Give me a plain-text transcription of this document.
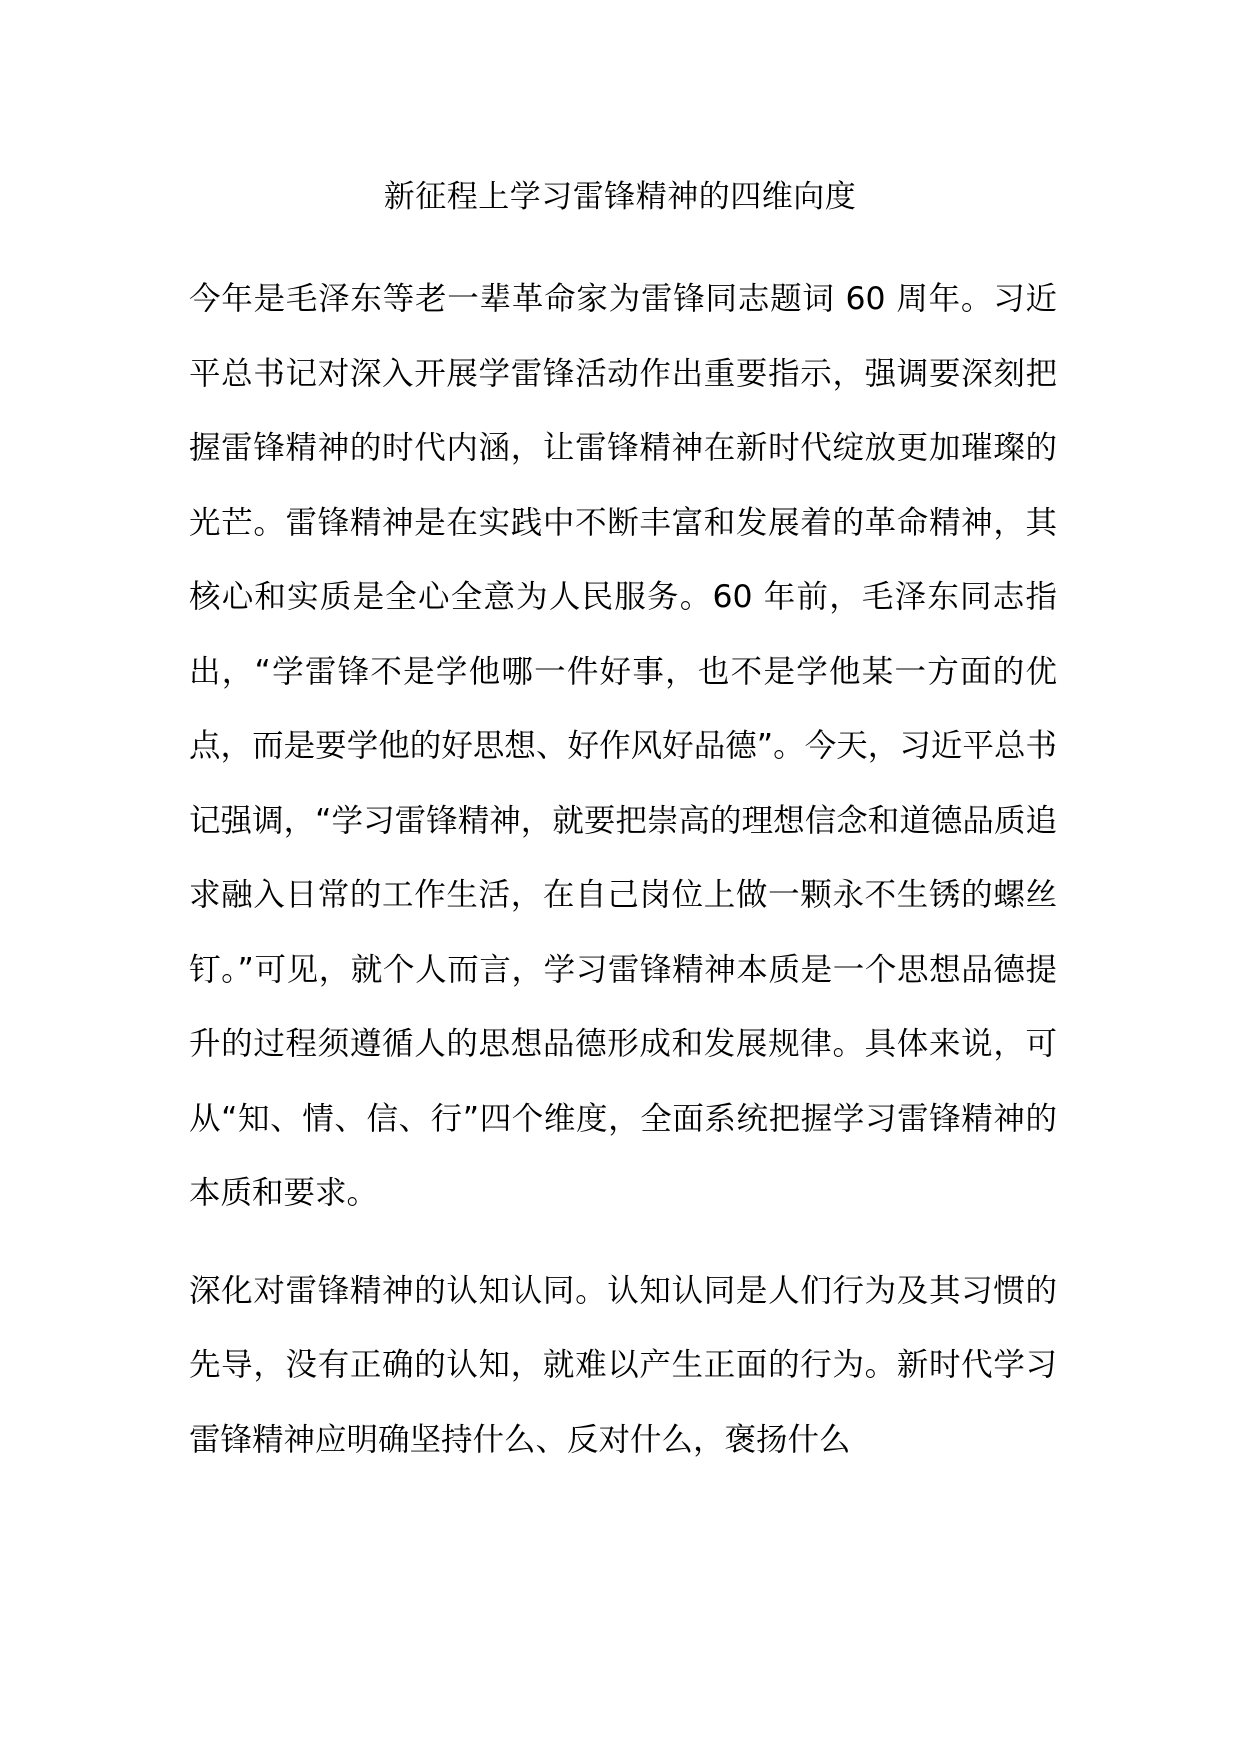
新征程上学习雷锋精神的四维向度

今年是毛泽东等老一辈革命家为雷锋同志题词 60 周年。习近平总书记对深入开展学雷锋活动作出重要指示，强调要深刻把握雷锋精神的时代内涵，让雷锋精神在新时代绽放更加璀璨的光芒。雷锋精神是在实践中不断丰富和发展着的革命精神，其核心和实质是全心全意为人民服务。60 年前，毛泽东同志指出，“学雷锋不是学他哪一件好事，也不是学他某一方面的优点，而是要学他的好思想、好作风好品德”。今天，习近平总书记强调，“学习雷锋精神，就要把崇高的理想信念和道德品质追求融入日常的工作生活，在自己岗位上做一颗永不生锈的螺丝钉。”可见，就个人而言，学习雷锋精神本质是一个思想品德提升的过程须遵循人的思想品德形成和发展规律。具体来说，可从“知、情、信、行”四个维度，全面系统把握学习雷锋精神的本质和要求。

深化对雷锋精神的认知认同。认知认同是人们行为及其习惯的先导，没有正确的认知，就难以产生正面的行为。新时代学习雷锋精神应明确坚持什么、反对什么，褒扬什么
